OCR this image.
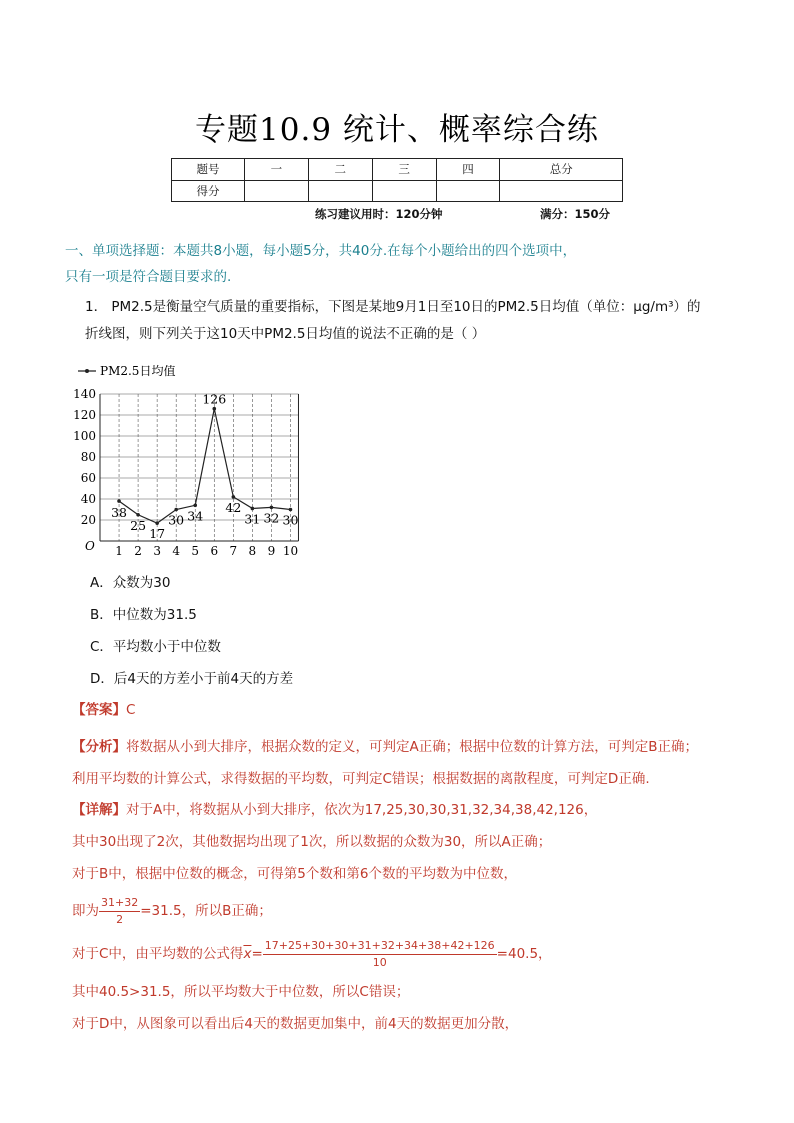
专题10.9 统计、概率综合练
题号	一	二	三	四	总分
得分					
练习建议用时：120分钟	满分：150分
一、单项选择题：本题共8小题，每小题5分，共40分.在每个小题给出的四个选项中，
只有一项是符合题目要求的.
1． PM2.5是衡量空气质量的重要指标，下图是某地9月1日至10日的PM2.5日均值（单位：μg/m³）的
折线图，则下列关于这10天中PM2.5日均值的说法不正确的是（ ）
PM2.5日均值
O
20
40
60
80
100
120
140
1 2 3 4 5 6 7 8 9 10
38
25
17
30 34
126
42
31 32 30
A．众数为30
B．中位数为31.5
C．平均数小于中位数
D．后4天的方差小于前4天的方差
【答案】C
【分析】将数据从小到大排序，根据众数的定义，可判定A正确；根据中位数的计算方法，可判定B正确；
利用平均数的计算公式，求得数据的平均数，可判定C错误；根据数据的离散程度，可判定D正确.
【详解】对于A中，将数据从小到大排序，依次为17,25,30,30,31,32,34,38,42,126，
其中30出现了2次，其他数据均出现了1次，所以数据的众数为30，所以A正确；
对于B中，根据中位数的概念，可得第5个数和第6个数的平均数为中位数，
即为 $\frac{31+32}{2} =31.5$，所以B正确；
对于C中，由平均数的公式得$\overline{x}= \frac{17+25+30+30+31+32+34+38+42+126}{10} =40.5$，
其中40.5>31.5，所以平均数大于中位数，所以C错误；
对于D中，从图象可以看出后4天的数据更加集中，前4天的数据更加分散，
